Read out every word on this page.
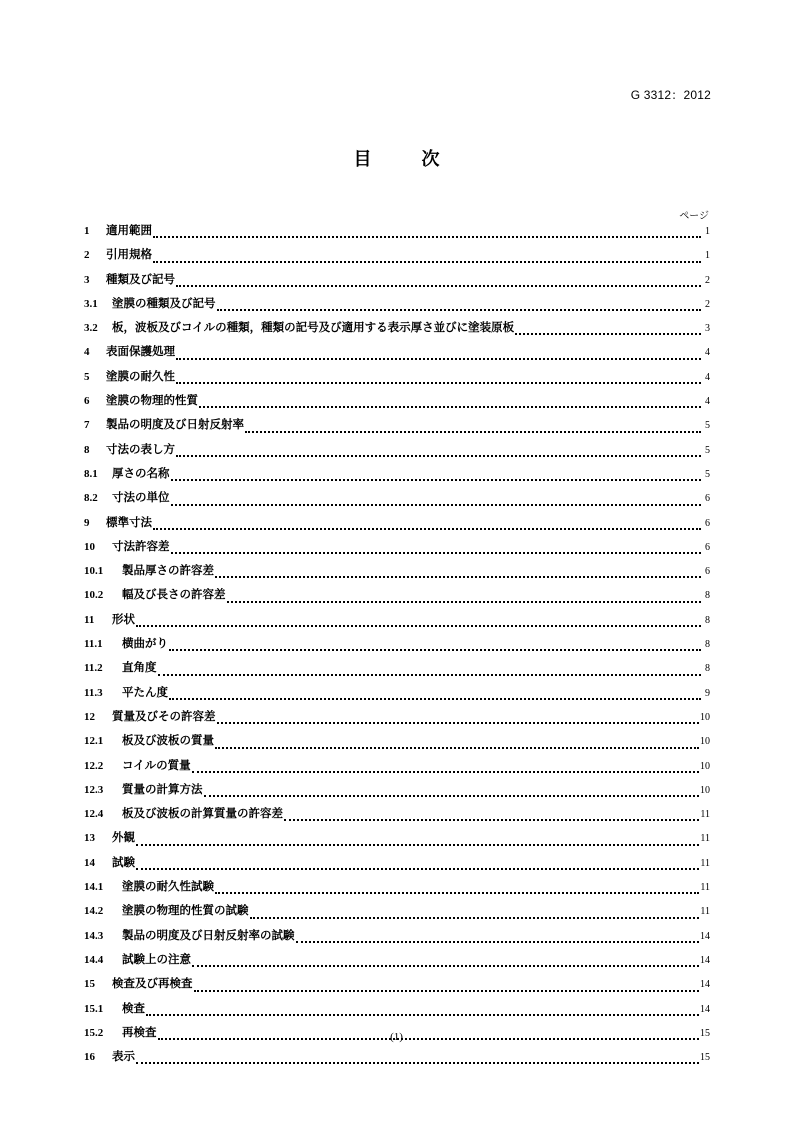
G 3312：2012
目　次
ページ
1	適用範囲	1
2	引用規格	1
3	種類及び記号	2
3.1	塗膜の種類及び記号	2
3.2	板，波板及びコイルの種類，種類の記号及び適用する表示厚さ並びに塗装原板	3
4	表面保護処理	4
5	塗膜の耐久性	4
6	塗膜の物理的性質	4
7	製品の明度及び日射反射率	5
8	寸法の表し方	5
8.1	厚さの名称	5
8.2	寸法の単位	6
9	標準寸法	6
10	寸法許容差	6
10.1	製品厚さの許容差	6
10.2	幅及び長さの許容差	8
11	形状	8
11.1	横曲がり	8
11.2	直角度	8
11.3	平たん度	9
12	質量及びその許容差	10
12.1	板及び波板の質量	10
12.2	コイルの質量	10
12.3	質量の計算方法	10
12.4	板及び波板の計算質量の許容差	11
13	外観	11
14	試験	11
14.1	塗膜の耐久性試験	11
14.2	塗膜の物理的性質の試験	11
14.3	製品の明度及び日射反射率の試験	14
14.4	試験上の注意	14
15	検査及び再検査	14
15.1	検査	14
15.2	再検査	15
16	表示	15
(1)
